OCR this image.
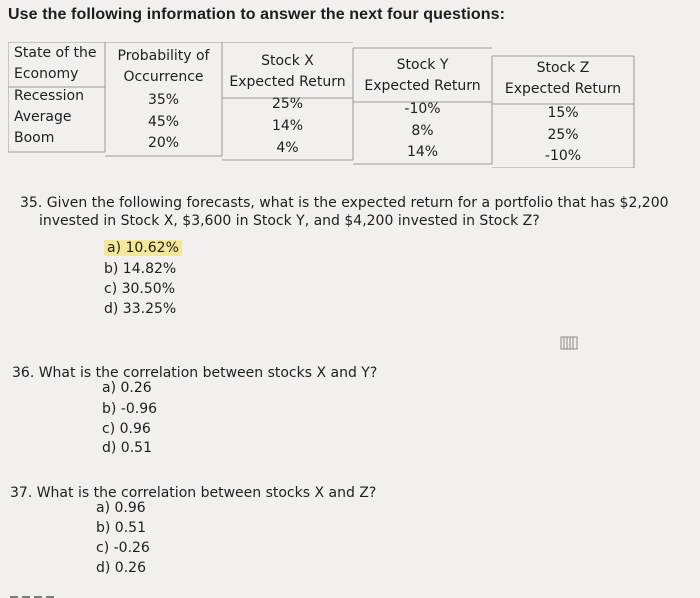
Use the following information to answer the next four questions:
State of the
Economy
Probability of
Occurrence
Stock X
Expected Return
Stock Y
Expected Return
Stock Z
Expected Return
Recession
Average
Boom
35%
45%
20%
25%
14%
4%
-10%
8%
14%
15%
25%
-10%
35. Given the following forecasts, what is the expected return for a portfolio that has $2,200
invested in Stock X, $3,600 in Stock Y, and $4,200 invested in Stock Z?
a) 10.62%
b) 14.82%
c) 30.50%
d) 33.25%
36. What is the correlation between stocks X and Y?
a) 0.26
b) -0.96
c) 0.96
d) 0.51
37. What is the correlation between stocks X and Z?
a) 0.96
b) 0.51
c) -0.26
d) 0.26
